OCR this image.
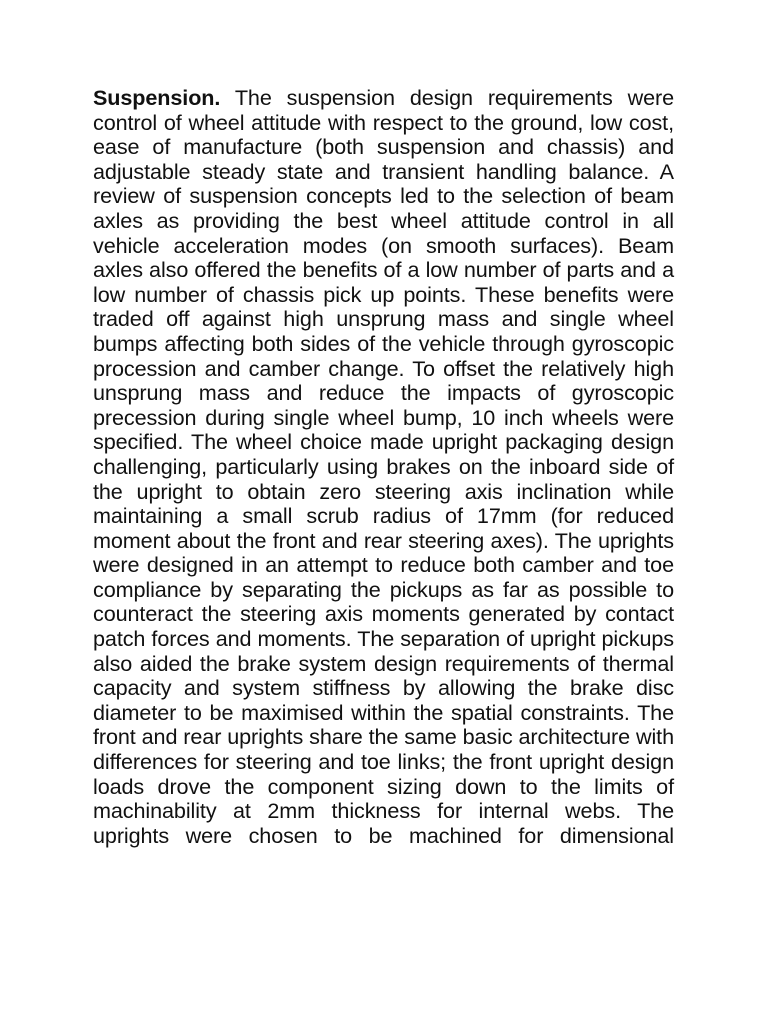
Suspension. The suspension design requirements were control of wheel attitude with respect to the ground, low cost, ease of manufacture (both suspension and chassis) and adjustable steady state and transient handling balance. A review of suspension concepts led to the selection of beam axles as providing the best wheel attitude control in all vehicle acceleration modes (on smooth surfaces). Beam axles also offered the benefits of a low number of parts and a low number of chassis pick up points. These benefits were traded off against high unsprung mass and single wheel bumps affecting both sides of the vehicle through gyroscopic procession and camber change. To offset the relatively high unsprung mass and reduce the impacts of gyroscopic precession during single wheel bump, 10 inch wheels were specified. The wheel choice made upright packaging design challenging, particularly using brakes on the inboard side of the upright to obtain zero steering axis inclination while maintaining a small scrub radius of 17mm (for reduced moment about the front and rear steering axes). The uprights were designed in an attempt to reduce both camber and toe compliance by separating the pickups as far as possible to counteract the steering axis moments generated by contact patch forces and moments. The separation of upright pickups also aided the brake system design requirements of thermal capacity and system stiffness by allowing the brake disc diameter to be maximised within the spatial constraints. The front and rear uprights share the same basic architecture with differences for steering and toe links; the front upright design loads drove the component sizing down to the limits of machinability at 2mm thickness for internal webs. The uprights were chosen to be machined for dimensional
